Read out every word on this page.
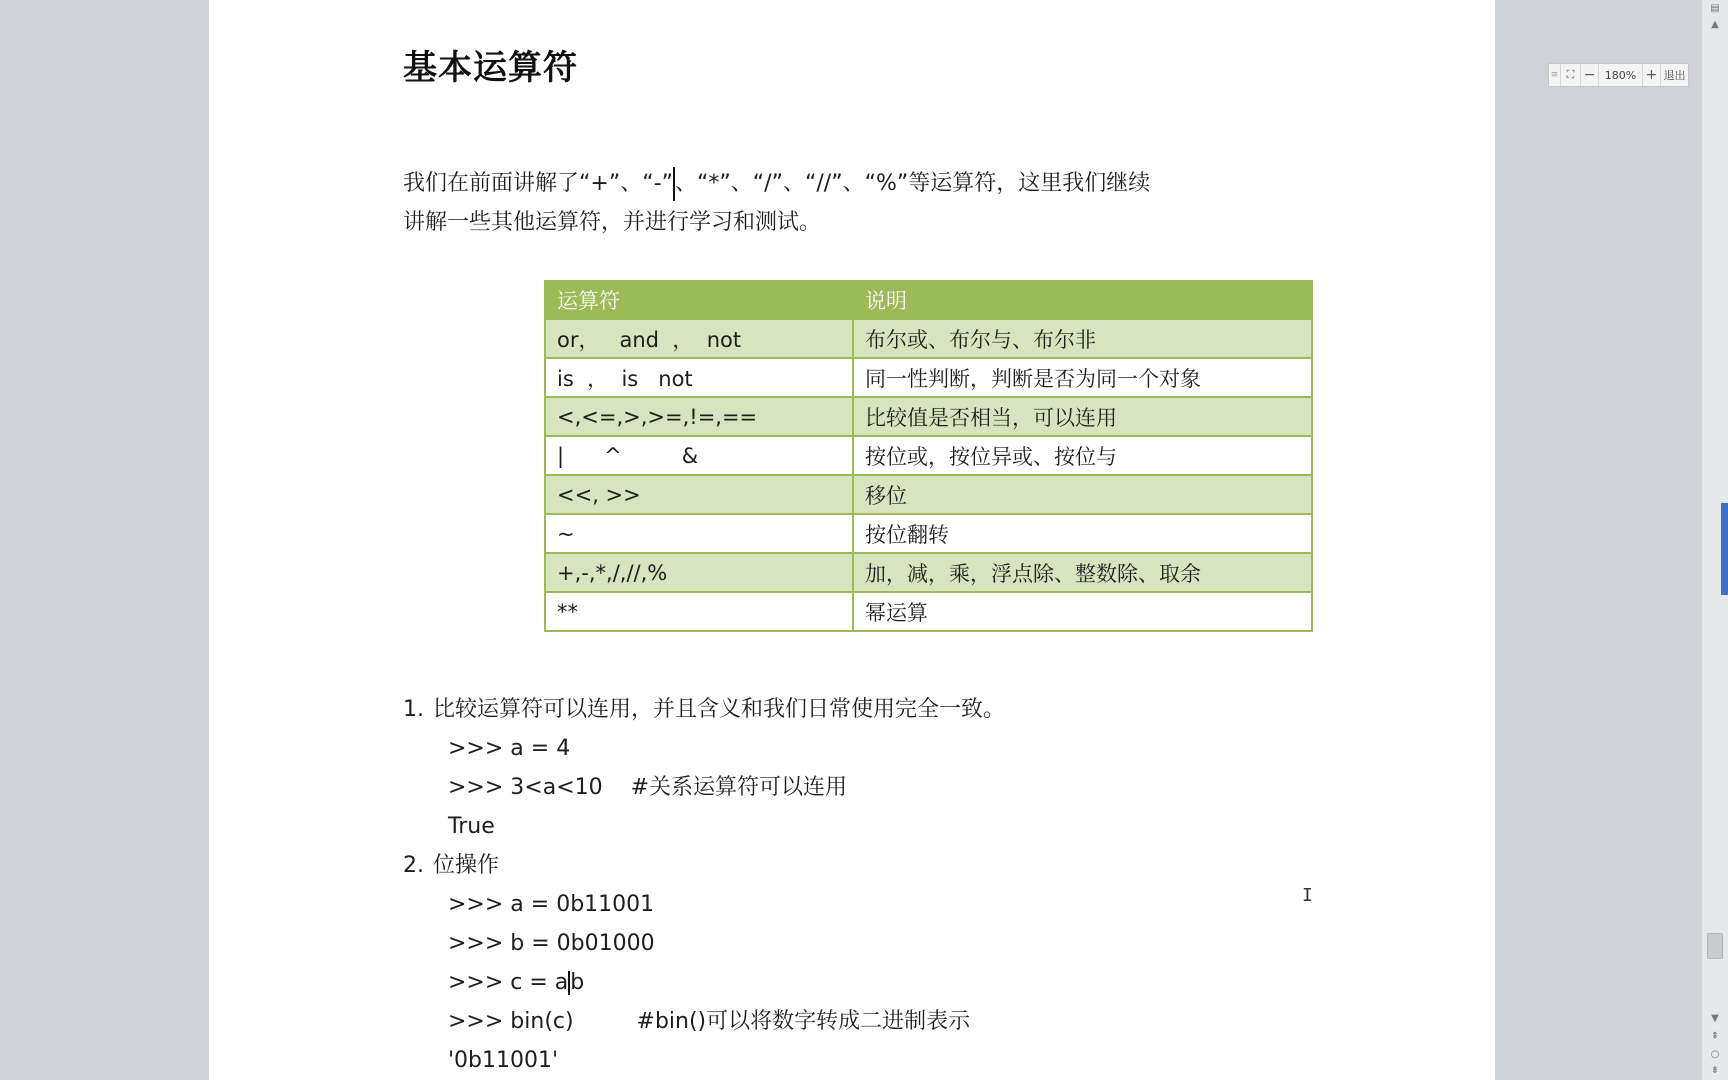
基本运算符

我们在前面讲解了“+”、“-”、“*”、“/”、“//”、“%”等运算符，这里我们继续

讲解一些其他运算符，并进行学习和测试。

运算符	说明
or，   and  ，  not	布尔或、布尔与、布尔非
is  ，  is   not	同一性判断，判断是否为同一个对象
<,<=,>,>=,!=,==	比较值是否相当，可以连用
|      ^         &	按位或，按位异或、按位与
<<, >>	移位
~	按位翻转
+,-,*,/,//,%	加，减，乘，浮点除、整数除、取余
**	幂运算
1. 比较运算符可以连用，并且含义和我们日常使用完全一致。
>>> a = 4
>>> 3<a<10    #关系运算符可以连用
True
2. 位操作
>>> a = 0b11001
>>> b = 0b01000
>>> c = ab
>>> bin(c)         #bin()可以将数字转成二进制表示
'0b11001'
≡ ⛶ − 180% + 退出
▤
▲
▼
⇞
○
⇟
I
